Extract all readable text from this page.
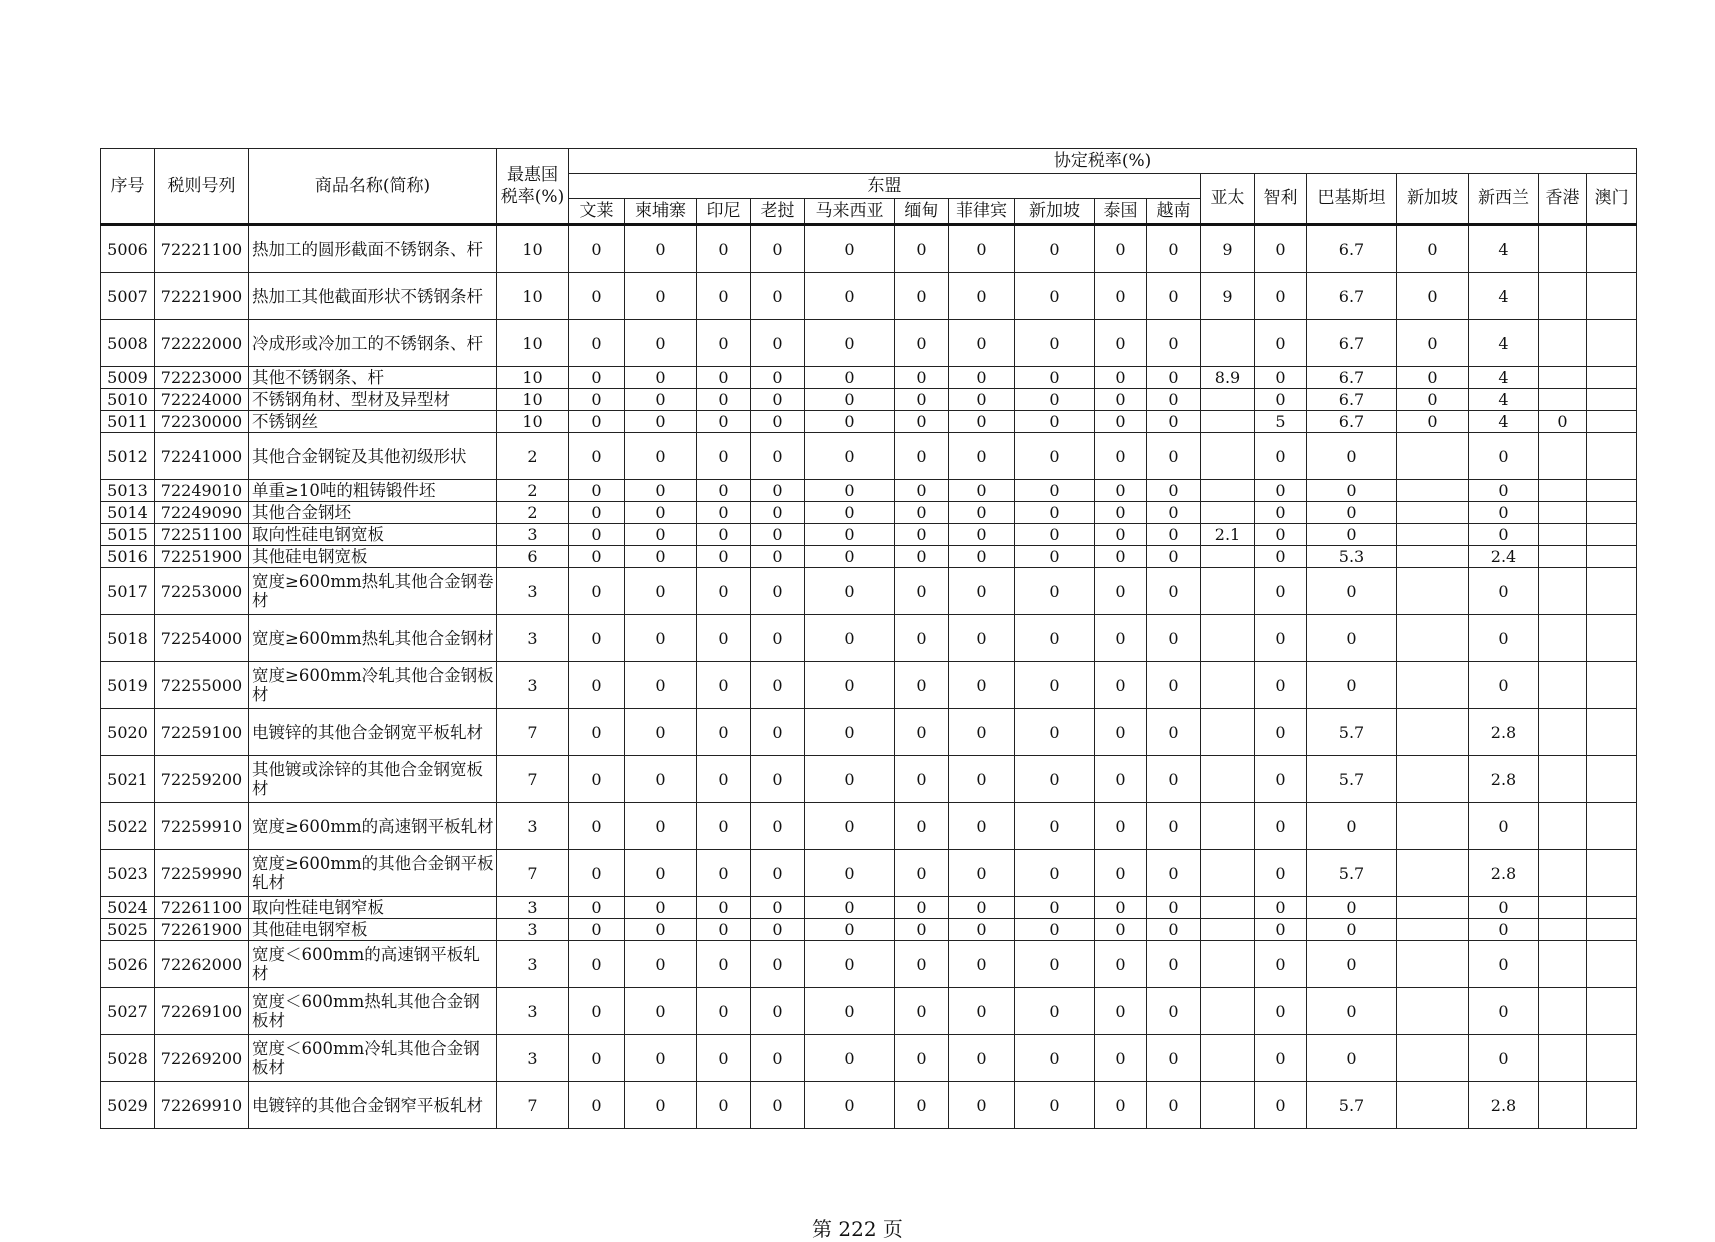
序号	税则号列	商品名称(简称)	最惠国税率(%)	协定税率(%)																
				东盟										亚太	智利	巴基斯坦	新加坡	新西兰	香港	澳门
				文莱	柬埔寨	印尼	老挝	马来西亚	缅甸	菲律宾	新加坡	泰国	越南							
5006	72221100	热加工的圆形截面不锈钢条、杆	10	0	0	0	0	0	0	0	0	0	0	9	0	6.7	0	4		
5007	72221900	热加工其他截面形状不锈钢条杆	10	0	0	0	0	0	0	0	0	0	0	9	0	6.7	0	4		
5008	72222000	冷成形或冷加工的不锈钢条、杆	10	0	0	0	0	0	0	0	0	0	0		0	6.7	0	4		
5009	72223000	其他不锈钢条、杆	10	0	0	0	0	0	0	0	0	0	0	8.9	0	6.7	0	4		
5010	72224000	不锈钢角材、型材及异型材	10	0	0	0	0	0	0	0	0	0	0		0	6.7	0	4		
5011	72230000	不锈钢丝	10	0	0	0	0	0	0	0	0	0	0		5	6.7	0	4	0	
5012	72241000	其他合金钢锭及其他初级形状	2	0	0	0	0	0	0	0	0	0	0		0	0		0		
5013	72249010	单重≥10吨的粗铸锻件坯	2	0	0	0	0	0	0	0	0	0	0		0	0		0		
5014	72249090	其他合金钢坯	2	0	0	0	0	0	0	0	0	0	0		0	0		0		
5015	72251100	取向性硅电钢宽板	3	0	0	0	0	0	0	0	0	0	0	2.1	0	0		0		
5016	72251900	其他硅电钢宽板	6	0	0	0	0	0	0	0	0	0	0		0	5.3		2.4		
5017	72253000	宽度≥600mm热轧其他合金钢卷材	3	0	0	0	0	0	0	0	0	0	0		0	0		0		
5018	72254000	宽度≥600mm热轧其他合金钢材	3	0	0	0	0	0	0	0	0	0	0		0	0		0		
5019	72255000	宽度≥600mm冷轧其他合金钢板材	3	0	0	0	0	0	0	0	0	0	0		0	0		0		
5020	72259100	电镀锌的其他合金钢宽平板轧材	7	0	0	0	0	0	0	0	0	0	0		0	5.7		2.8		
5021	72259200	其他镀或涂锌的其他合金钢宽板材	7	0	0	0	0	0	0	0	0	0	0		0	5.7		2.8		
5022	72259910	宽度≥600mm的高速钢平板轧材	3	0	0	0	0	0	0	0	0	0	0		0	0		0		
5023	72259990	宽度≥600mm的其他合金钢平板轧材	7	0	0	0	0	0	0	0	0	0	0		0	5.7		2.8		
5024	72261100	取向性硅电钢窄板	3	0	0	0	0	0	0	0	0	0	0		0	0		0		
5025	72261900	其他硅电钢窄板	3	0	0	0	0	0	0	0	0	0	0		0	0		0		
5026	72262000	宽度＜600mm的高速钢平板轧材	3	0	0	0	0	0	0	0	0	0	0		0	0		0		
5027	72269100	宽度＜600mm热轧其他合金钢板材	3	0	0	0	0	0	0	0	0	0	0		0	0		0		
5028	72269200	宽度＜600mm冷轧其他合金钢板材	3	0	0	0	0	0	0	0	0	0	0		0	0		0		
5029	72269910	电镀锌的其他合金钢窄平板轧材	7	0	0	0	0	0	0	0	0	0	0		0	5.7		2.8		
第 222 页
